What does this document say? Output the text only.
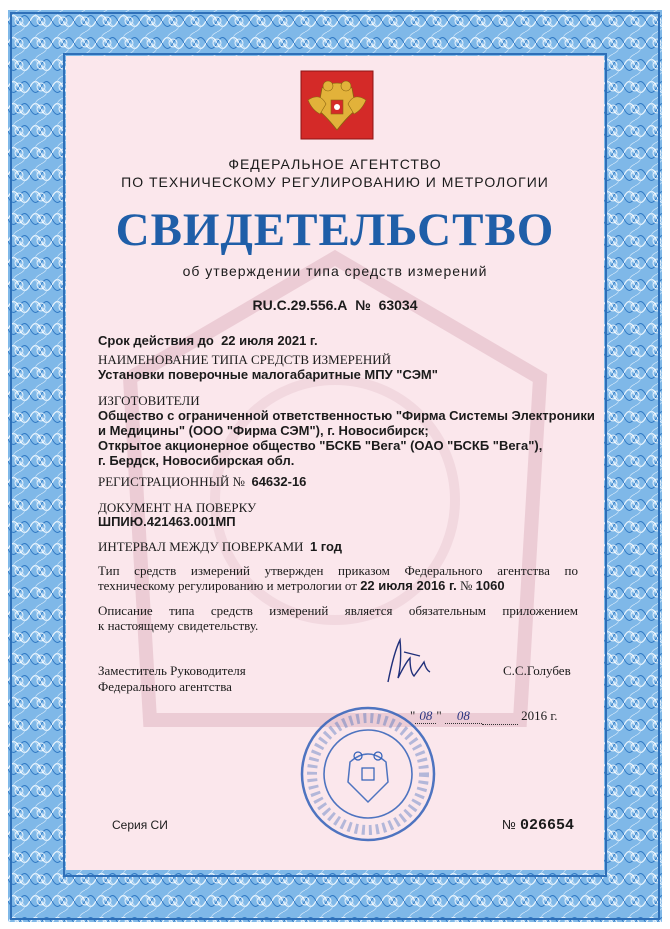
ФЕДЕРАЛЬНОЕ АГЕНТСТВО
ПО ТЕХНИЧЕСКОМУ РЕГУЛИРОВАНИЮ И МЕТРОЛОГИИ
СВИДЕТЕЛЬСТВО
об утверждении типа средств измерений
RU.C.29.556.A № 63034
Срок действия до 22 июля 2021 г.
НАИМЕНОВАНИЕ ТИПА СРЕДСТВ ИЗМЕРЕНИЙ
Установки поверочные малогабаритные МПУ "СЭМ"
ИЗГОТОВИТЕЛИ
Общество с ограниченной ответственностью "Фирма Системы Электроники
и Медицины" (ООО "Фирма СЭМ"), г. Новосибирск;
Открытое акционерное общество "БСКБ "Вега" (ОАО "БСКБ "Вега"),
г. Бердск, Новосибирская обл.
РЕГИСТРАЦИОННЫЙ № 64632-16
ДОКУМЕНТ НА ПОВЕРКУ
ШПИЮ.421463.001МП
ИНТЕРВАЛ МЕЖДУ ПОВЕРКАМИ 1 год
Тип средств измерений утвержден приказом Федерального агентства по
техническому регулированию и метрологии от 22 июля 2016 г. № 1060
Описание типа средств измерений является обязательным приложением
к настоящему свидетельству.
Заместитель Руководителя
Федерального агентства
С.С.Голубев
" 08 " 08	2016 г.
Серия СИ	№ 026654
